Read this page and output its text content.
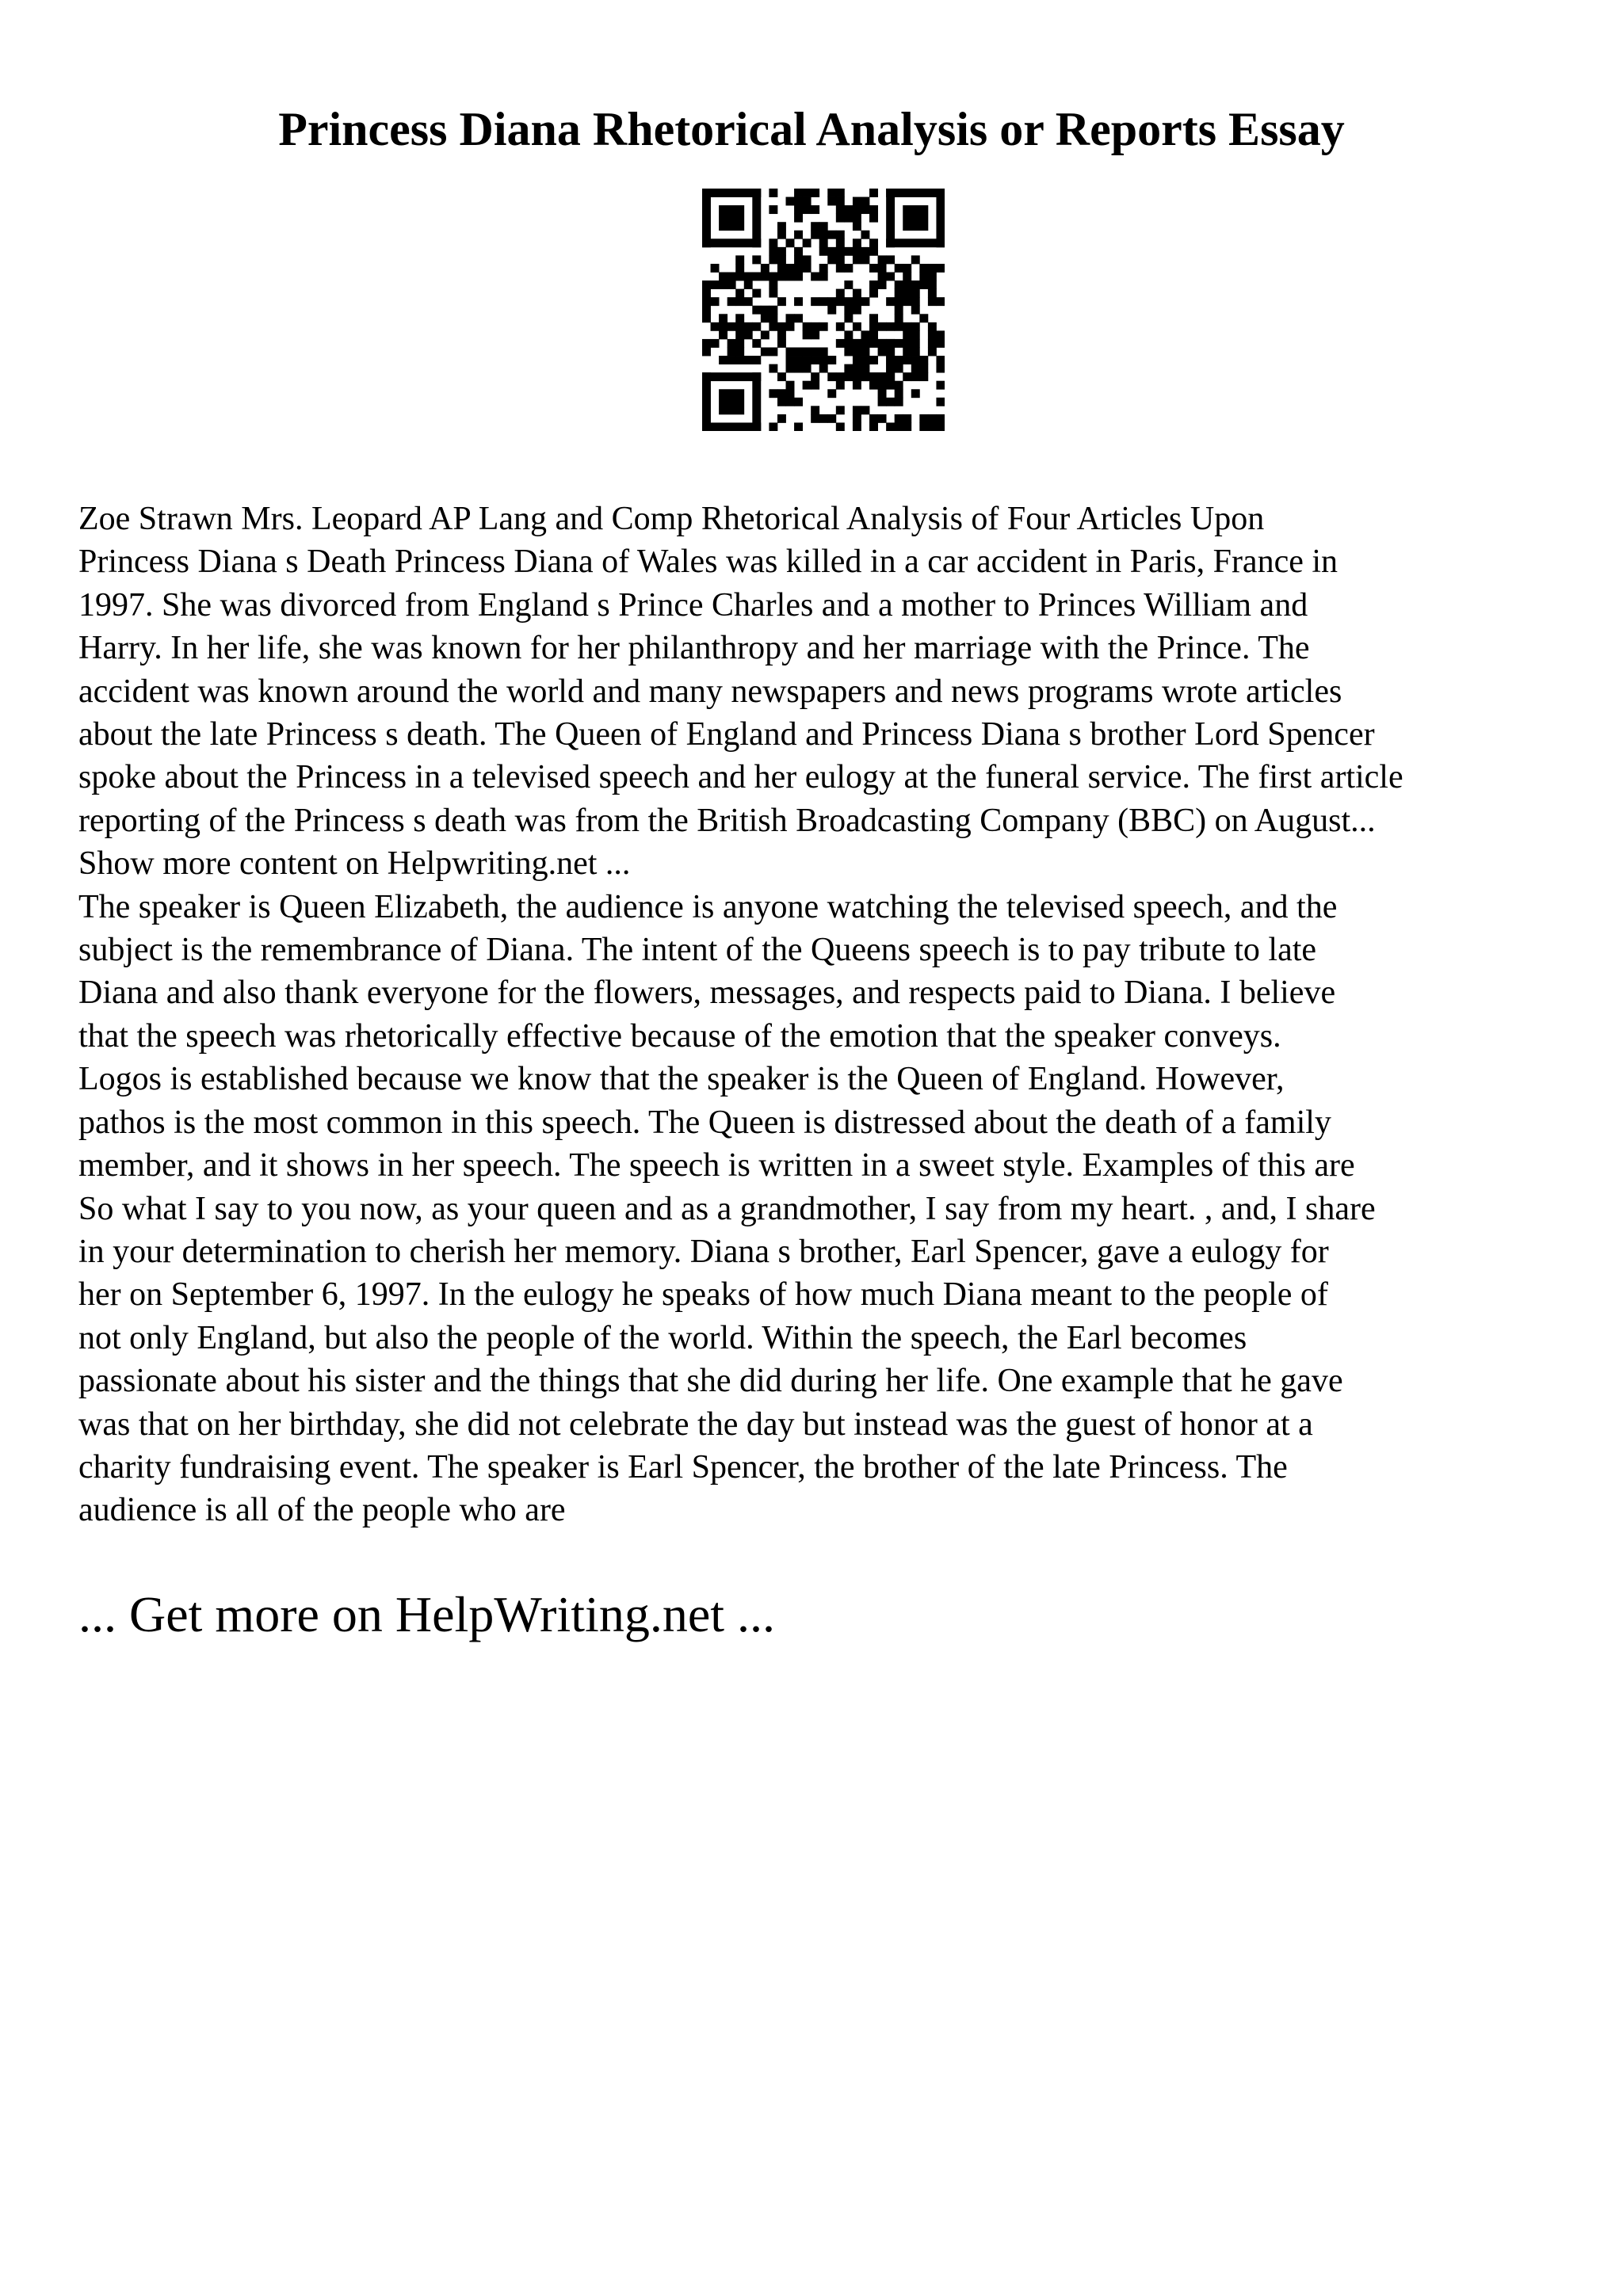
Princess Diana Rhetorical Analysis or Reports Essay
Zoe Strawn Mrs. Leopard AP Lang and Comp Rhetorical Analysis of Four Articles Upon
Princess Diana s Death Princess Diana of Wales was killed in a car accident in Paris, France in
1997. She was divorced from England s Prince Charles and a mother to Princes William and
Harry. In her life, she was known for her philanthropy and her marriage with the Prince. The
accident was known around the world and many newspapers and news programs wrote articles
about the late Princess s death. The Queen of England and Princess Diana s brother Lord Spencer
spoke about the Princess in a televised speech and her eulogy at the funeral service. The first article
reporting of the Princess s death was from the British Broadcasting Company (BBC) on August...
Show more content on Helpwriting.net ...
The speaker is Queen Elizabeth, the audience is anyone watching the televised speech, and the
subject is the remembrance of Diana. The intent of the Queens speech is to pay tribute to late
Diana and also thank everyone for the flowers, messages, and respects paid to Diana. I believe
that the speech was rhetorically effective because of the emotion that the speaker conveys.
Logos is established because we know that the speaker is the Queen of England. However,
pathos is the most common in this speech. The Queen is distressed about the death of a family
member, and it shows in her speech. The speech is written in a sweet style. Examples of this are
So what I say to you now, as your queen and as a grandmother, I say from my heart. , and, I share
in your determination to cherish her memory. Diana s brother, Earl Spencer, gave a eulogy for
her on September 6, 1997. In the eulogy he speaks of how much Diana meant to the people of
not only England, but also the people of the world. Within the speech, the Earl becomes
passionate about his sister and the things that she did during her life. One example that he gave
was that on her birthday, she did not celebrate the day but instead was the guest of honor at a
charity fundraising event. The speaker is Earl Spencer, the brother of the late Princess. The
audience is all of the people who are
... Get more on HelpWriting.net ...
